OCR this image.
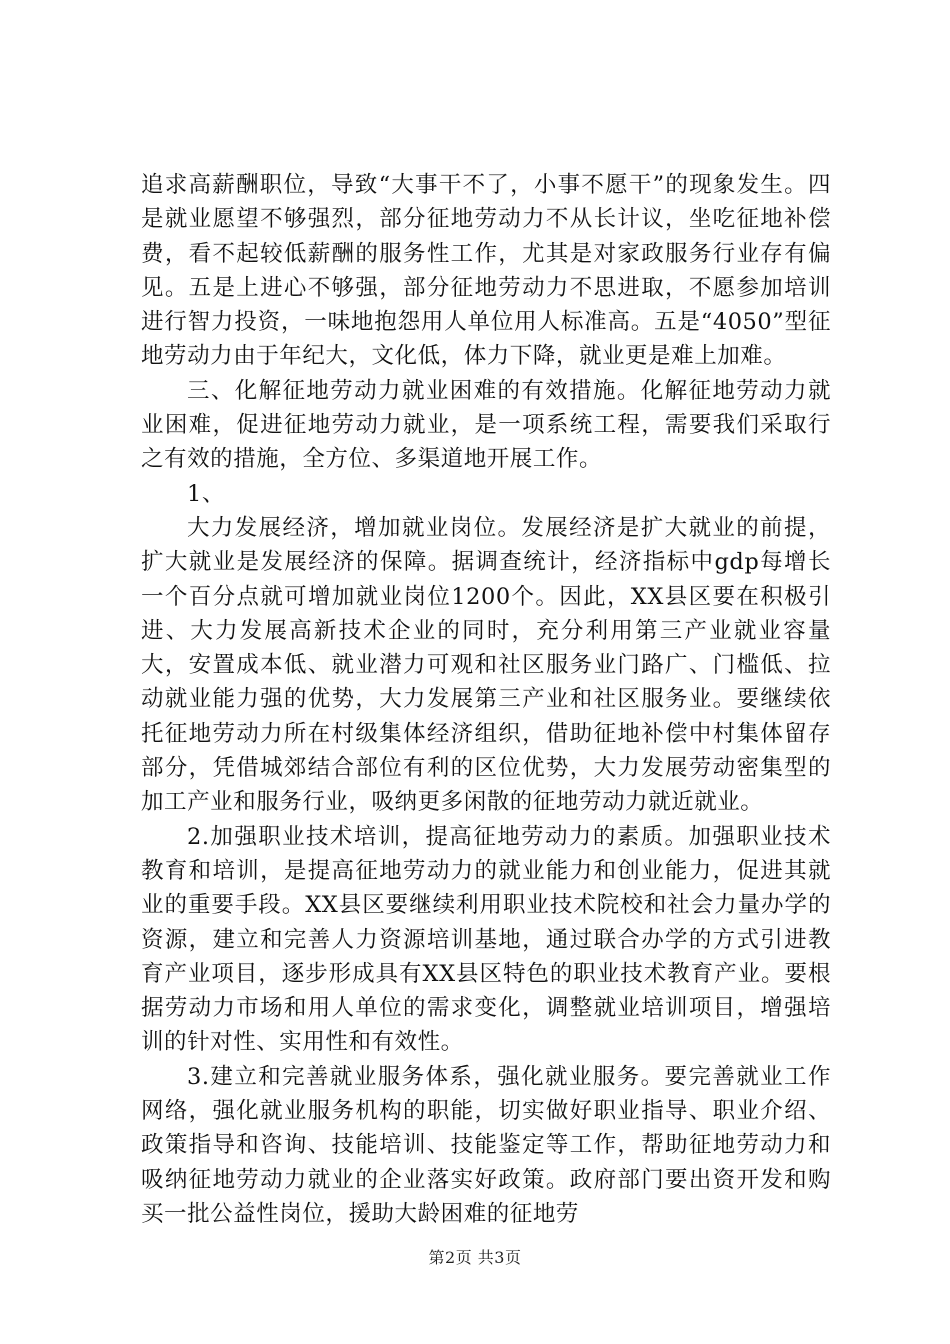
追求高薪酬职位，导致“大事干不了，小事不愿干”的现象发生。四是就业愿望不够强烈，部分征地劳动力不从长计议，坐吃征地补偿费，看不起较低薪酬的服务性工作，尤其是对家政服务行业存有偏见。五是上进心不够强，部分征地劳动力不思进取，不愿参加培训进行智力投资，一味地抱怨用人单位用人标准高。五是“4050”型征地劳动力由于年纪大，文化低，体力下降，就业更是难上加难。

三、化解征地劳动力就业困难的有效措施。化解征地劳动力就业困难，促进征地劳动力就业，是一项系统工程，需要我们采取行之有效的措施，全方位、多渠道地开展工作。

1、

大力发展经济，增加就业岗位。发展经济是扩大就业的前提，扩大就业是发展经济的保障。据调查统计，经济指标中gdp每增长一个百分点就可增加就业岗位1200个。因此，XX县区要在积极引进、大力发展高新技术企业的同时，充分利用第三产业就业容量大，安置成本低、就业潜力可观和社区服务业门路广、门槛低、拉动就业能力强的优势，大力发展第三产业和社区服务业。要继续依托征地劳动力所在村级集体经济组织，借助征地补偿中村集体留存部分，凭借城郊结合部位有利的区位优势，大力发展劳动密集型的加工产业和服务行业，吸纳更多闲散的征地劳动力就近就业。

2.加强职业技术培训，提高征地劳动力的素质。加强职业技术教育和培训，是提高征地劳动力的就业能力和创业能力，促进其就业的重要手段。XX县区要继续利用职业技术院校和社会力量办学的资源，建立和完善人力资源培训基地，通过联合办学的方式引进教育产业项目，逐步形成具有XX县区特色的职业技术教育产业。要根据劳动力市场和用人单位的需求变化，调整就业培训项目，增强培训的针对性、实用性和有效性。

3.建立和完善就业服务体系，强化就业服务。要完善就业工作网络，强化就业服务机构的职能，切实做好职业指导、职业介绍、政策指导和咨询、技能培训、技能鉴定等工作，帮助征地劳动力和吸纳征地劳动力就业的企业落实好政策。政府部门要出资开发和购买一批公益性岗位，援助大龄困难的征地劳

第2页 共3页
